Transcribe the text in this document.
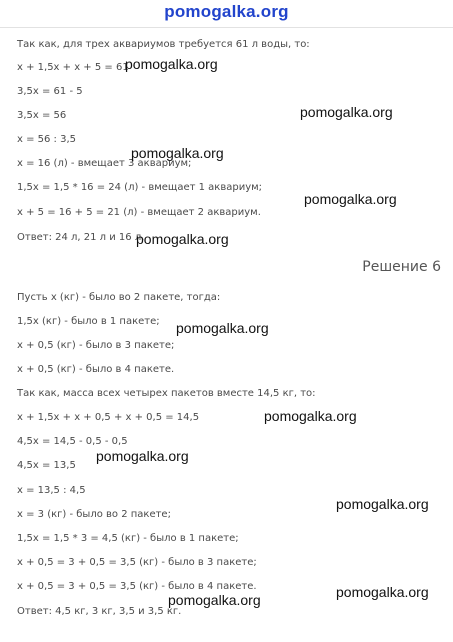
pomogalka.org
Так как, для трех аквариумов требуется 61 л воды, то:
x + 1,5x + x + 5 = 61
3,5x = 61 - 5
3,5x = 56
x = 56 : 3,5
x = 16 (л) - вмещает 3 аквариум;
1,5x = 1,5 * 16 = 24 (л) - вмещает 1 аквариум;
x + 5 = 16 + 5 = 21 (л) - вмещает 2 аквариум.
Ответ: 24 л, 21 л и 16 л.
Решение 6
Пусть x (кг) - было во 2 пакете, тогда:
1,5x (кг) - было в 1 пакете;
x + 0,5 (кг) - было в 3 пакете;
x + 0,5 (кг) - было в 4 пакете.
Так как, масса всех четырех пакетов вместе 14,5 кг, то:
x + 1,5x + x + 0,5 + x + 0,5 = 14,5
4,5x = 14,5 - 0,5 - 0,5
4,5x = 13,5
x = 13,5 : 4,5
x = 3 (кг) - было во 2 пакете;
1,5x = 1,5 * 3 = 4,5 (кг) - было в 1 пакете;
x + 0,5 = 3 + 0,5 = 3,5 (кг) - было в 3 пакете;
x + 0,5 = 3 + 0,5 = 3,5 (кг) - было в 4 пакете.
Ответ: 4,5 кг, 3 кг, 3,5 и 3,5 кг.
pomogalka.org
pomogalka.org
pomogalka.org
pomogalka.org
pomogalka.org
pomogalka.org
pomogalka.org
pomogalka.org
pomogalka.org
pomogalka.org
pomogalka.org
